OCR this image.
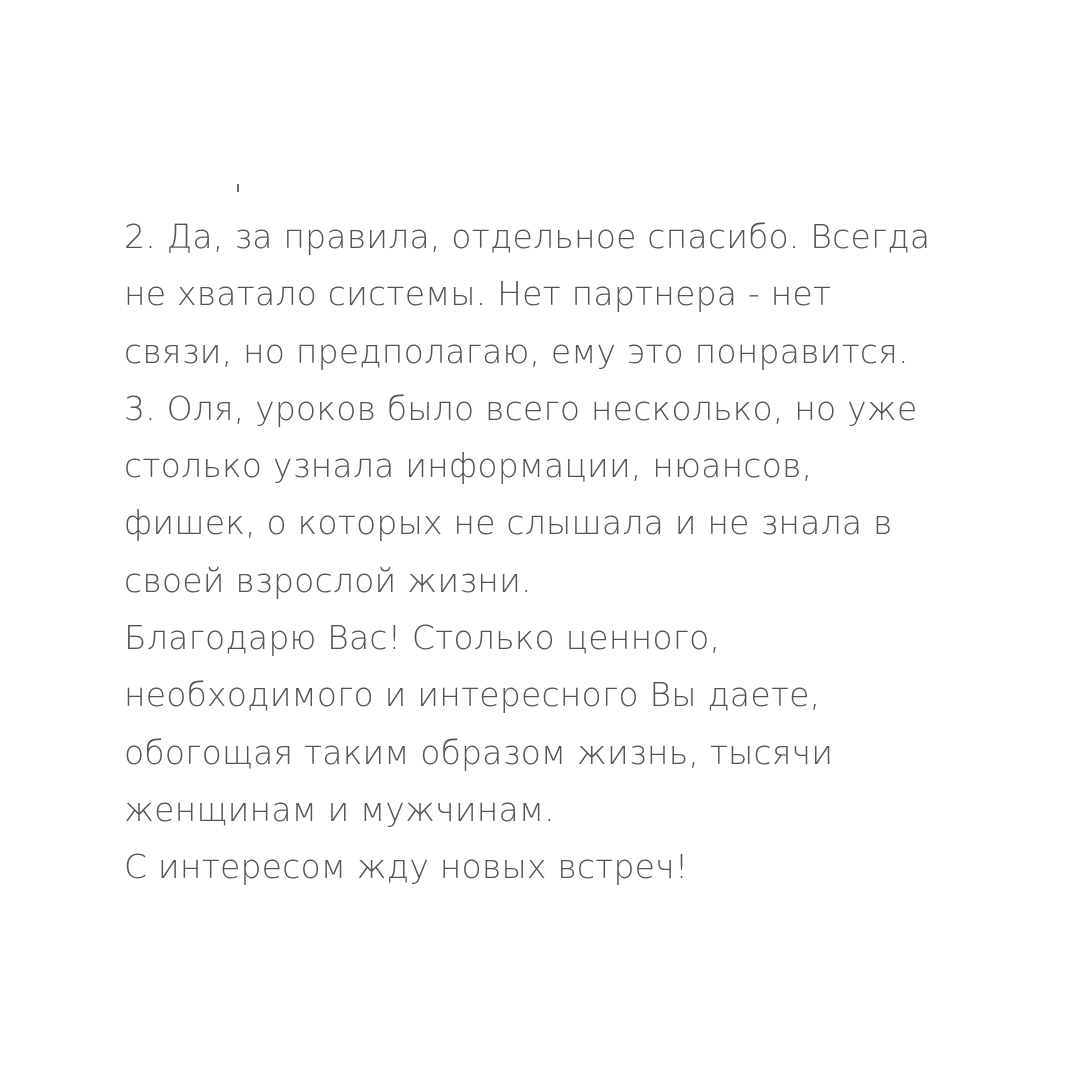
2. Да, за правила, отдельное спасибо. Всегда
не хватало системы. Нет партнера - нет
связи, но предполагаю, ему это понравится.
3. Оля, уроков было всего несколько, но уже
столько узнала информации, нюансов,
фишек, о которых не слышала и не знала в
своей взрослой жизни.
Благодарю Вас! Столько ценного,
необходимого и интересного Вы даете,
обогощая таким образом жизнь, тысячи
женщинам и мужчинам.
С интересом жду новых встреч!
